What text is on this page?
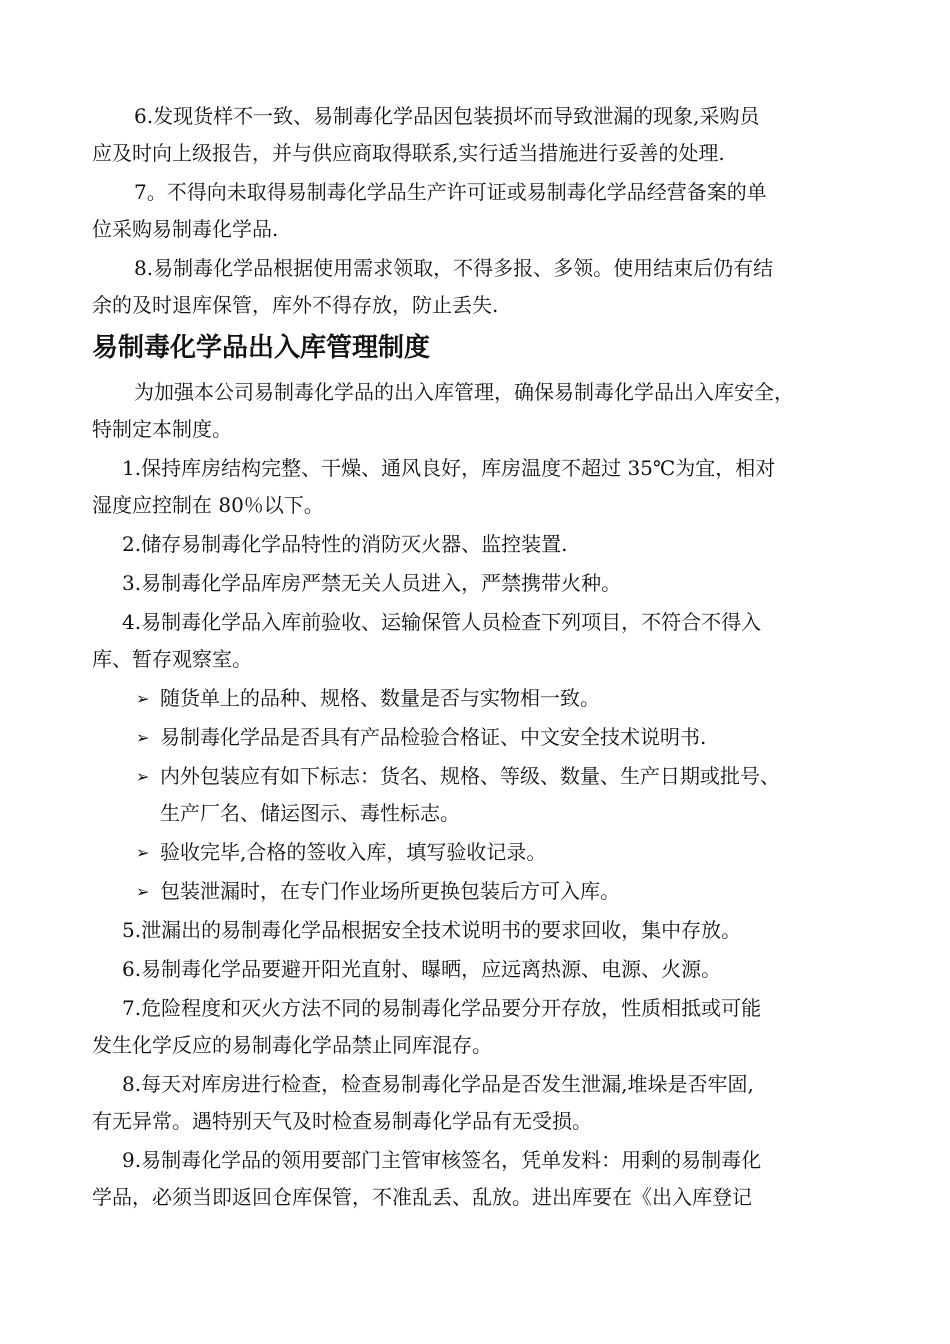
6.发现货样不一致、易制毒化学品因包装损坏而导致泄漏的现象,采购员
应及时向上级报告，并与供应商取得联系,实行适当措施进行妥善的处理.
7。不得向未取得易制毒化学品生产许可证或易制毒化学品经营备案的单
位采购易制毒化学品.
8.易制毒化学品根据使用需求领取，不得多报、多领。使用结束后仍有结
余的及时退库保管，库外不得存放，防止丢失.
易制毒化学品出入库管理制度
为加强本公司易制毒化学品的出入库管理，确保易制毒化学品出入库安全，
特制定本制度。
1.保持库房结构完整、干燥、通风良好，库房温度不超过 35℃为宜，相对
湿度应控制在 80％以下。
2.储存易制毒化学品特性的消防灭火器、监控装置.
3.易制毒化学品库房严禁无关人员进入，严禁携带火种。
4.易制毒化学品入库前验收、运输保管人员检查下列项目，不符合不得入
库、暂存观察室。
➢ 随货单上的品种、规格、数量是否与实物相一致。
➢ 易制毒化学品是否具有产品检验合格证、中文安全技术说明书.
➢ 内外包装应有如下标志：货名、规格、等级、数量、生产日期或批号、
生产厂名、储运图示、毒性标志。
➢ 验收完毕,合格的签收入库，填写验收记录。
➢ 包装泄漏时，在专门作业场所更换包装后方可入库。
5.泄漏出的易制毒化学品根据安全技术说明书的要求回收，集中存放。
6.易制毒化学品要避开阳光直射、曝晒，应远离热源、电源、火源。
7.危险程度和灭火方法不同的易制毒化学品要分开存放，性质相抵或可能
发生化学反应的易制毒化学品禁止同库混存。
8.每天对库房进行检查，检查易制毒化学品是否发生泄漏,堆垛是否牢固,
有无异常。遇特别天气及时检查易制毒化学品有无受损。
9.易制毒化学品的领用要部门主管审核签名，凭单发料：用剩的易制毒化
学品，必须当即返回仓库保管，不准乱丢、乱放。进出库要在《出入库登记
